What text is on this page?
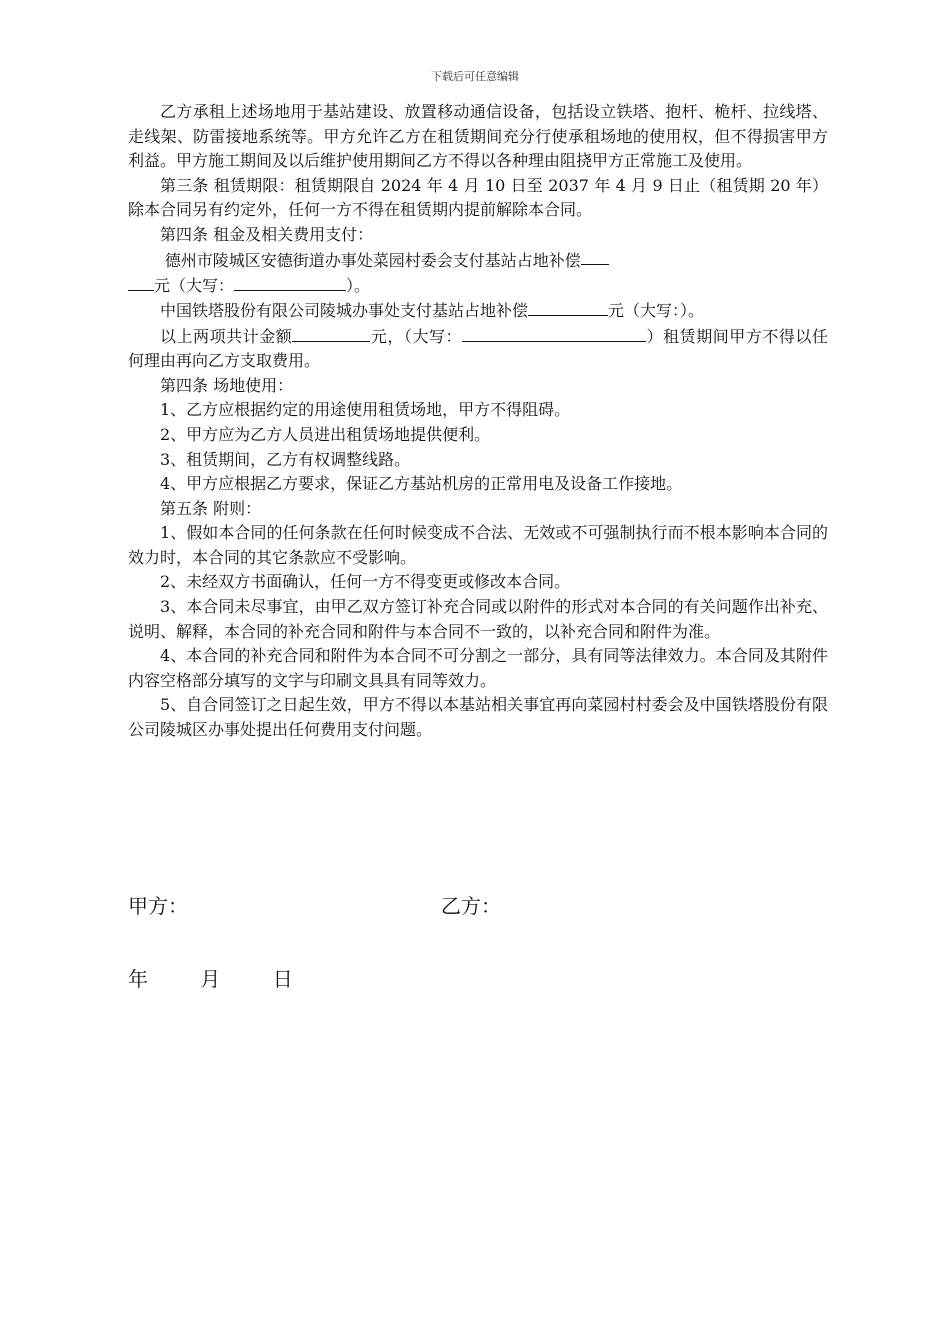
下载后可任意编辑

乙方承租上述场地用于基站建设、放置移动通信设备，包括设立铁塔、抱杆、桅杆、拉线塔、走线架、防雷接地系统等。甲方允许乙方在租赁期间充分行使承租场地的使用权，但不得损害甲方利益。甲方施工期间及以后维护使用期间乙方不得以各种理由阻挠甲方正常施工及使用。

第三条 租赁期限：租赁期限自 2024 年 4 月 10 日至 2037 年 4 月 9 日止（租赁期 20 年）除本合同另有约定外，任何一方不得在租赁期内提前解除本合同。

第四条 租金及相关费用支付：

德州市陵城区安德街道办事处菜园村委会支付基站占地补偿

元（大写：	）。

中国铁塔股份有限公司陵城办事处支付基站占地补偿	元（大写：）。

以上两项共计金额	元，（大写：	）租赁期间甲方不得以任何理由再向乙方支取费用。

第四条 场地使用：

1、乙方应根据约定的用途使用租赁场地，甲方不得阻碍。

2、甲方应为乙方人员进出租赁场地提供便利。

3、租赁期间，乙方有权调整线路。

4、甲方应根据乙方要求，保证乙方基站机房的正常用电及设备工作接地。

第五条 附则：

1、假如本合同的任何条款在任何时候变成不合法、无效或不可强制执行而不根本影响本合同的效力时，本合同的其它条款应不受影响。

2、未经双方书面确认，任何一方不得变更或修改本合同。

3、本合同未尽事宜，由甲乙双方签订补充合同或以附件的形式对本合同的有关问题作出补充、说明、解释，本合同的补充合同和附件与本合同不一致的，以补充合同和附件为准。

4、本合同的补充合同和附件为本合同不可分割之一部分，具有同等法律效力。本合同及其附件内容空格部分填写的文字与印刷文具具有同等效力。

5、自合同签订之日起生效，甲方不得以本基站相关事宜再向菜园村村委会及中国铁塔股份有限公司陵城区办事处提出任何费用支付问题。

甲方：	乙方：
年	月	日
